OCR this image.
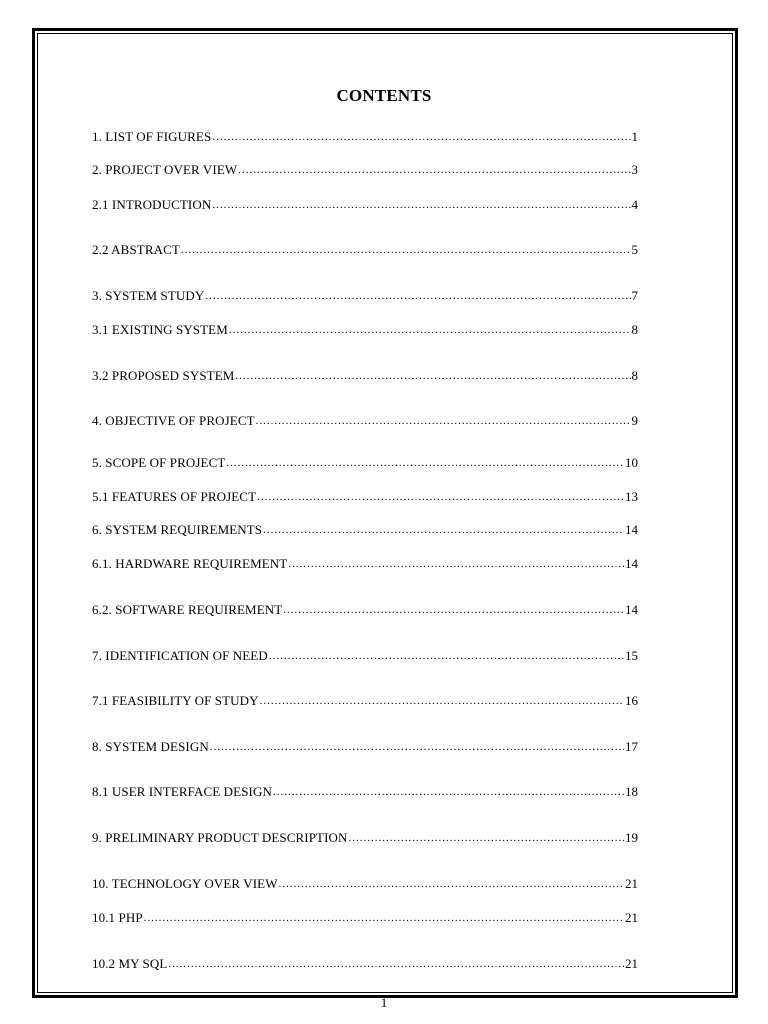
CONTENTS
1. LIST OF FIGURES .....	1
2. PROJECT OVER VIEW .....	3
2.1 INTRODUCTION .....	4
2.2 ABSTRACT .....	5
3. SYSTEM STUDY .....	7
3.1 EXISTING SYSTEM .....	8
3.2 PROPOSED SYSTEM .....	8
4. OBJECTIVE OF PROJECT .....	9
5. SCOPE OF PROJECT .....	10
5.1 FEATURES OF PROJECT .....	13
6. SYSTEM REQUIREMENTS .....	14
6.1. HARDWARE REQUIREMENT .....	14
6.2. SOFTWARE REQUIREMENT .....	14
7. IDENTIFICATION OF NEED .....	15
7.1 FEASIBILITY OF STUDY .....	16
8. SYSTEM DESIGN .....	17
8.1 USER INTERFACE DESIGN .....	18
9. PRELIMINARY PRODUCT DESCRIPTION .....	19
10. TECHNOLOGY OVER VIEW .....	21
10.1 PHP .....	21
10.2 MY SQL .....	21
1
